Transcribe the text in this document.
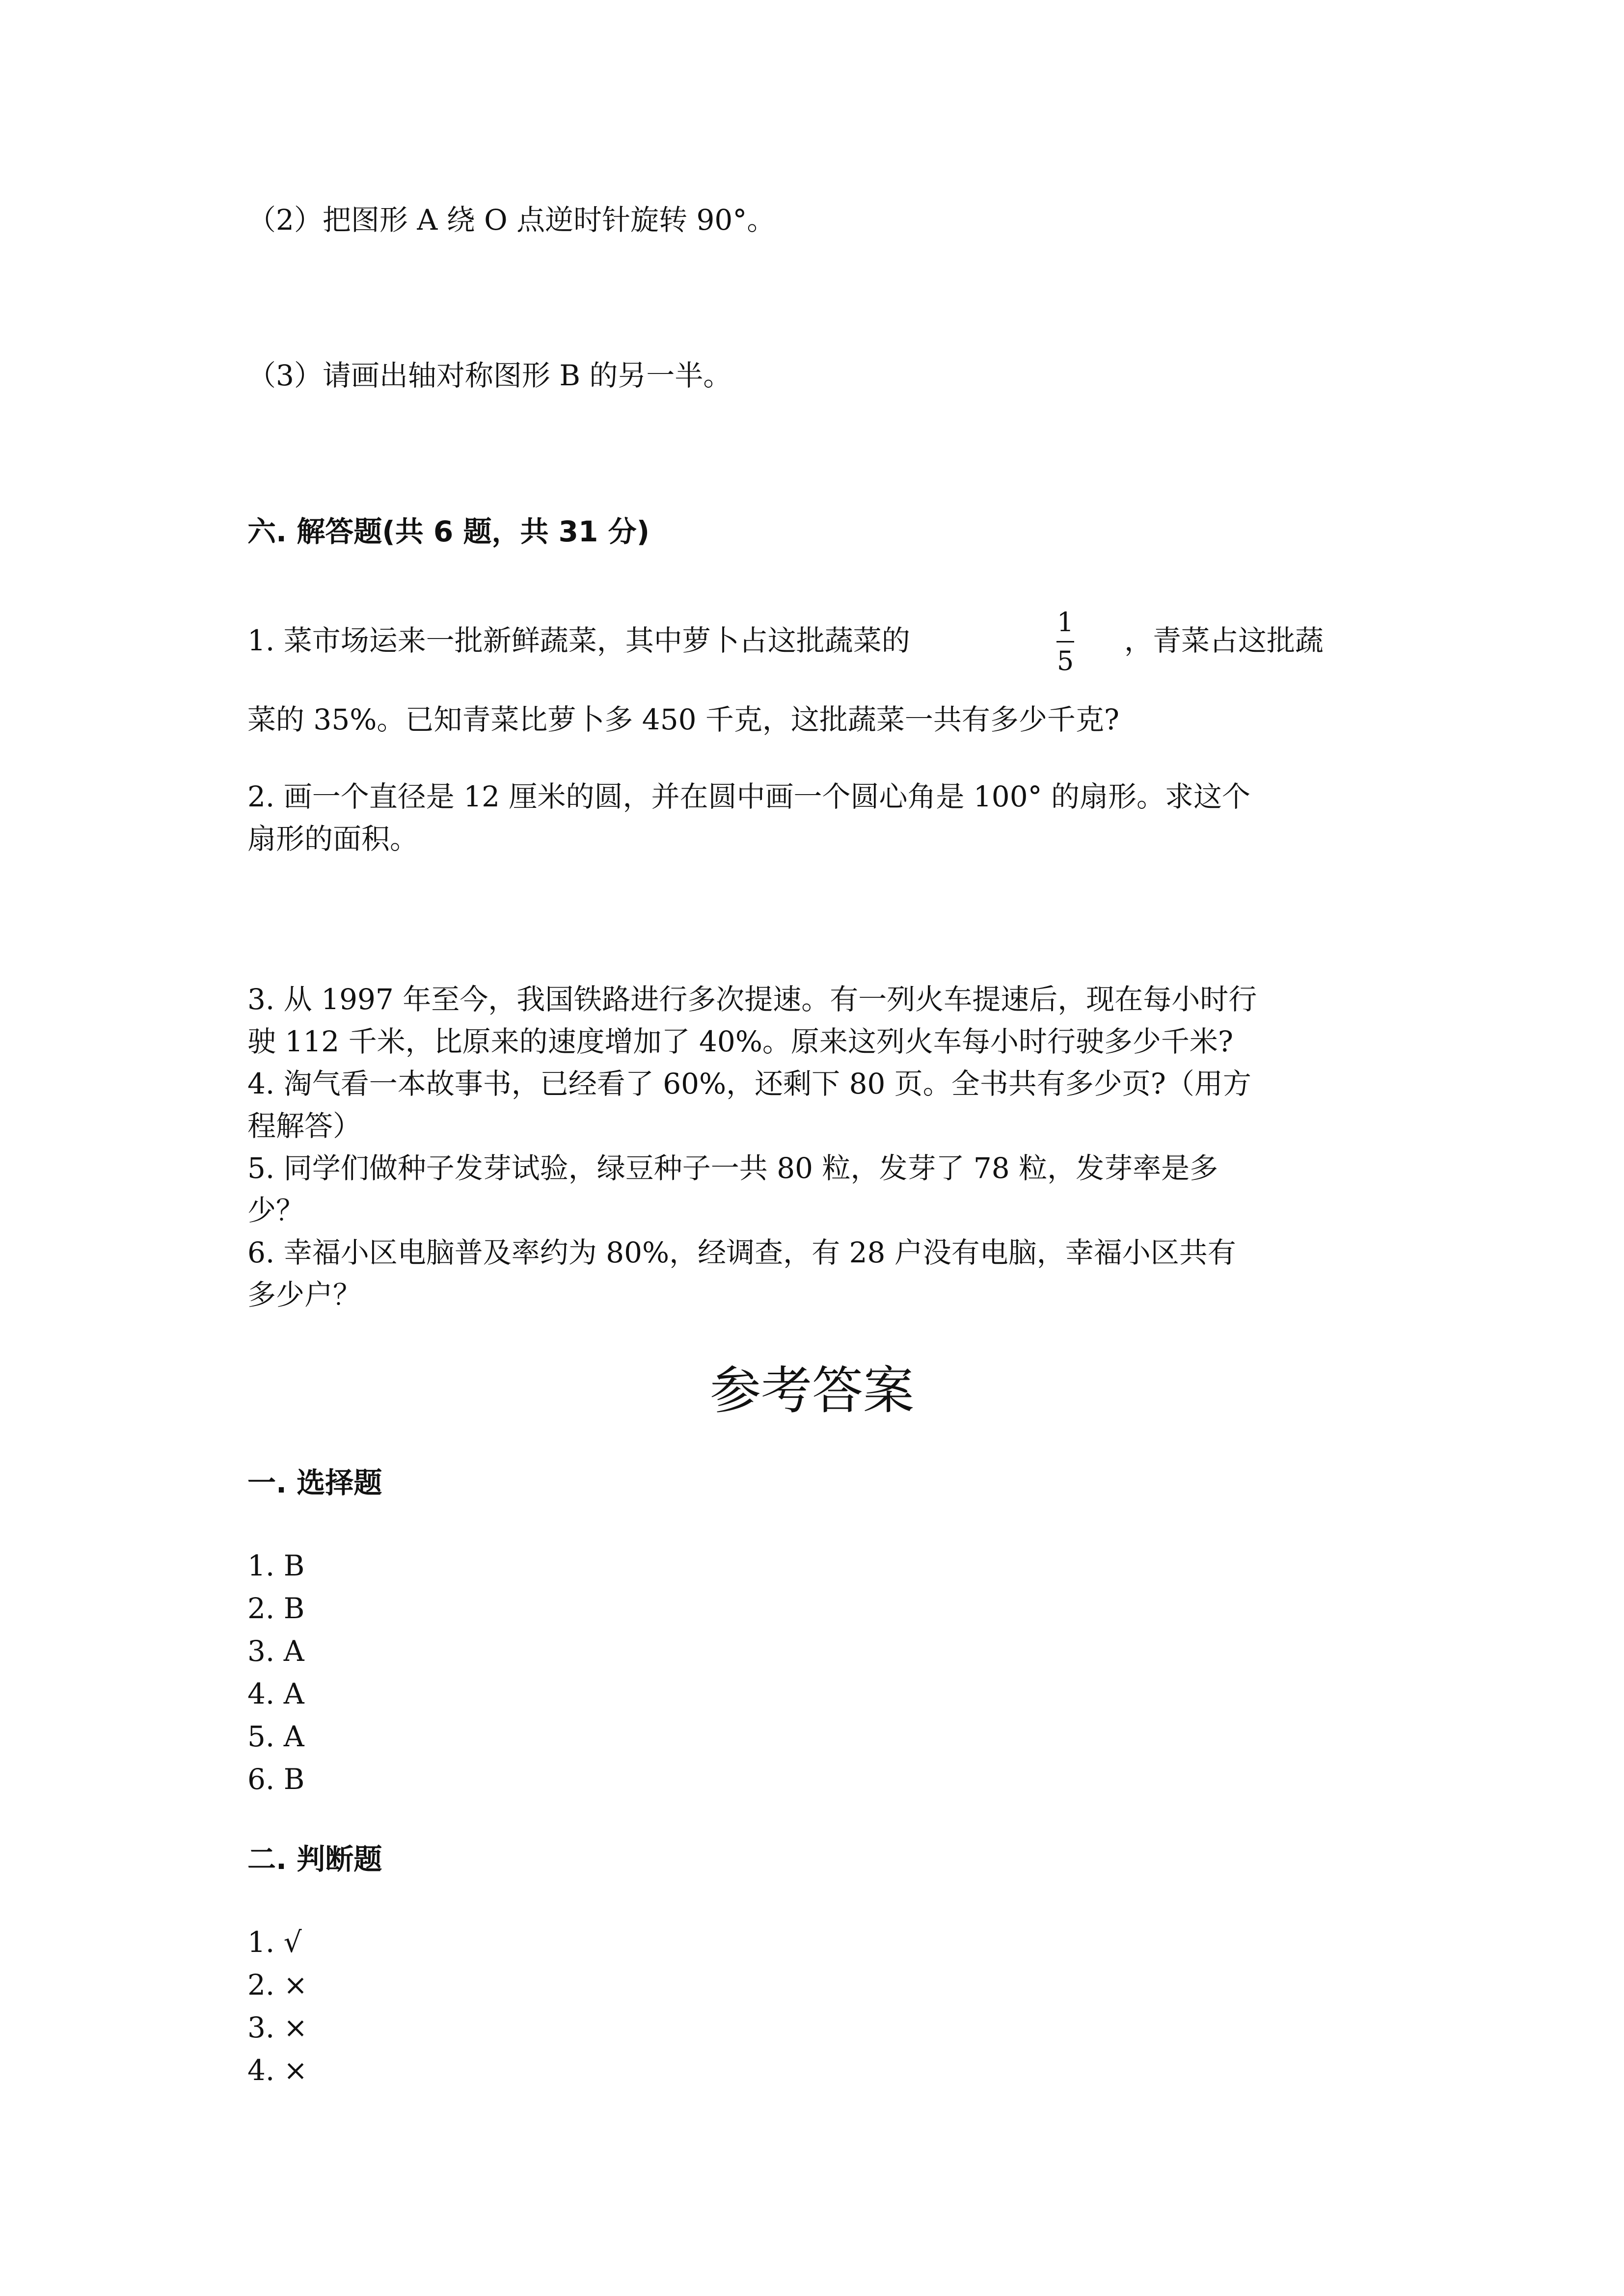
（2）把图形 A 绕 O 点逆时针旋转 90°。
（3）请画出轴对称图形 B 的另一半。
六. 解答题(共 6 题，共 31 分)
1. 菜市场运来一批新鲜蔬菜，其中萝卜占这批蔬菜的
1
5
，青菜占这批蔬
菜的 35%。已知青菜比萝卜多 450 千克，这批蔬菜一共有多少千克?
2. 画一个直径是 12 厘米的圆，并在圆中画一个圆心角是 100° 的扇形。求这个
扇形的面积。
3. 从 1997 年至今，我国铁路进行多次提速。有一列火车提速后，现在每小时行
驶 112 千米，比原来的速度增加了 40%。原来这列火车每小时行驶多少千米?
4. 淘气看一本故事书，已经看了 60%，还剩下 80 页。全书共有多少页?（用方
程解答）
5. 同学们做种子发芽试验，绿豆种子一共 80 粒，发芽了 78 粒，发芽率是多
少？
6. 幸福小区电脑普及率约为 80%，经调查，有 28 户没有电脑，幸福小区共有
多少户？
参考答案
一. 选择题
1. B
2. B
3. A
4. A
5. A
6. B
二. 判断题
1. √
2. ×
3. ×
4. ×
